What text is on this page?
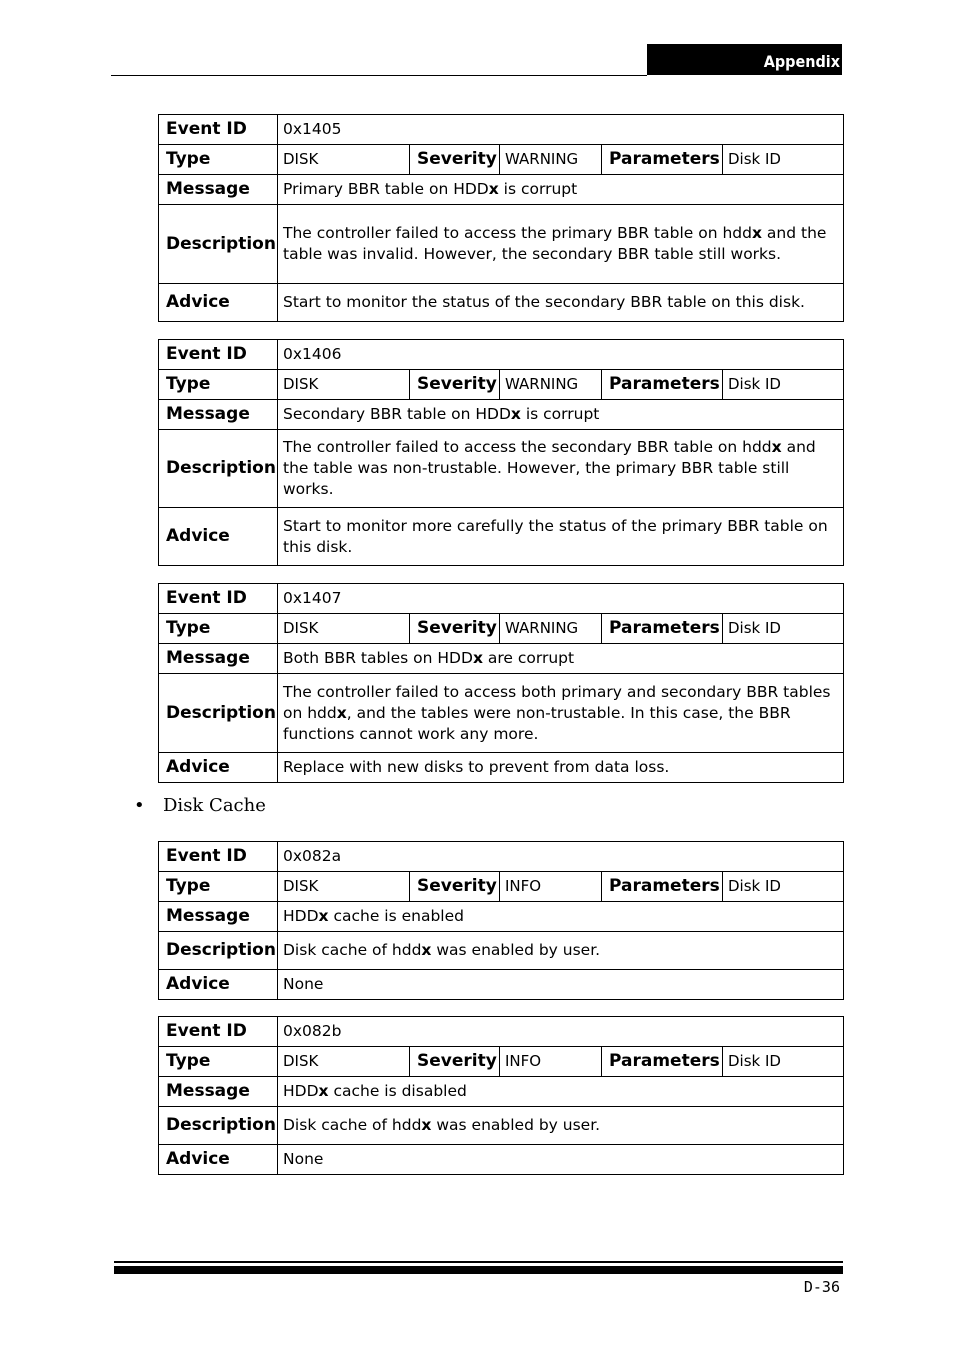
Appendix
Event ID	0x1405				
Type	DISK	Severity	WARNING	Parameters	Disk ID
Message	Primary BBR table on HDDx is corrupt				
Description	The controller failed to access the primary BBR table on hddx and the table was invalid. However, the secondary BBR table still works.				
Advice	Start to monitor the status of the secondary BBR table on this disk.				
Event ID	0x1406				
Type	DISK	Severity	WARNING	Parameters	Disk ID
Message	Secondary BBR table on HDDx is corrupt				
Description	The controller failed to access the secondary BBR table on hddx and the table was non-trustable. However, the primary BBR table still works.				
Advice	Start to monitor more carefully the status of the primary BBR table on this disk.				
Event ID	0x1407				
Type	DISK	Severity	WARNING	Parameters	Disk ID
Message	Both BBR tables on HDDx are corrupt				
Description	The controller failed to access both primary and secondary BBR tables on hddx, and the tables were non-trustable. In this case, the BBR functions cannot work any more.				
Advice	Replace with new disks to prevent from data loss.				
Event ID	0x082a				
Type	DISK	Severity	INFO	Parameters	Disk ID
Message	HDDx cache is enabled				
Description	Disk cache of hddx was enabled by user.				
Advice	None				
Event ID	0x082b				
Type	DISK	Severity	INFO	Parameters	Disk ID
Message	HDDx cache is disabled				
Description	Disk cache of hddx was enabled by user.				
Advice	None				
• Disk Cache
D-36
